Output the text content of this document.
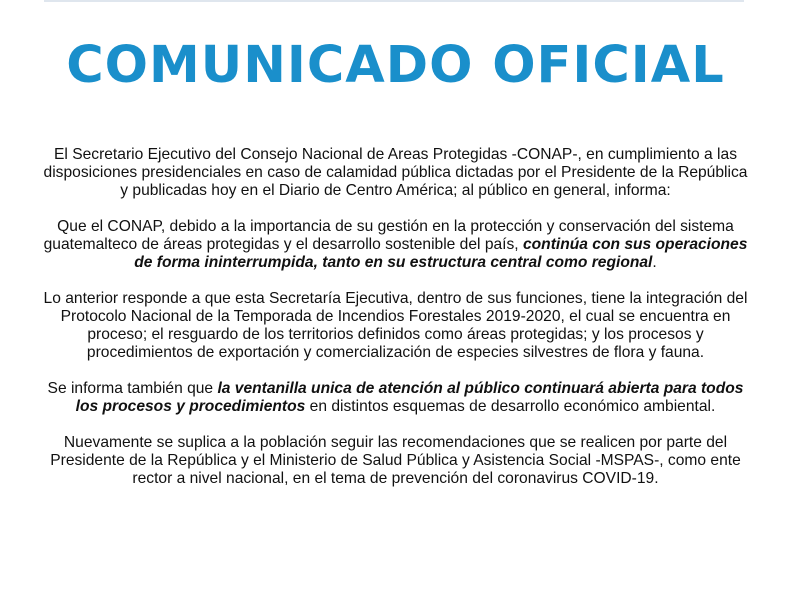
COMUNICADO OFICIAL

El Secretario Ejecutivo del Consejo Nacional de Areas Protegidas -CONAP-, en cumplimiento a las disposiciones presidenciales en caso de calamidad pública dictadas por el Presidente de la República y publicadas hoy en el Diario de Centro América; al público en general, informa:

Que el CONAP, debido a la importancia de su gestión en la protección y conservación del sistema guatemalteco de áreas protegidas y el desarrollo sostenible del país, continúa con sus operaciones de forma ininterrumpida, tanto en su estructura central como regional.

Lo anterior responde a que esta Secretaría Ejecutiva, dentro de sus funciones, tiene la integración del Protocolo Nacional de la Temporada de Incendios Forestales 2019-2020, el cual se encuentra en proceso; el resguardo de los territorios definidos como áreas protegidas; y los procesos y procedimientos de exportación y comercialización de especies silvestres de flora y fauna.

Se informa también que la ventanilla unica de atención al público continuará abierta para todos los procesos y procedimientos en distintos esquemas de desarrollo económico ambiental.

Nuevamente se suplica a la población seguir las recomendaciones que se realicen por parte del Presidente de la República y el Ministerio de Salud Pública y Asistencia Social -MSPAS-, como ente rector a nivel nacional, en el tema de prevención del coronavirus COVID-19.
